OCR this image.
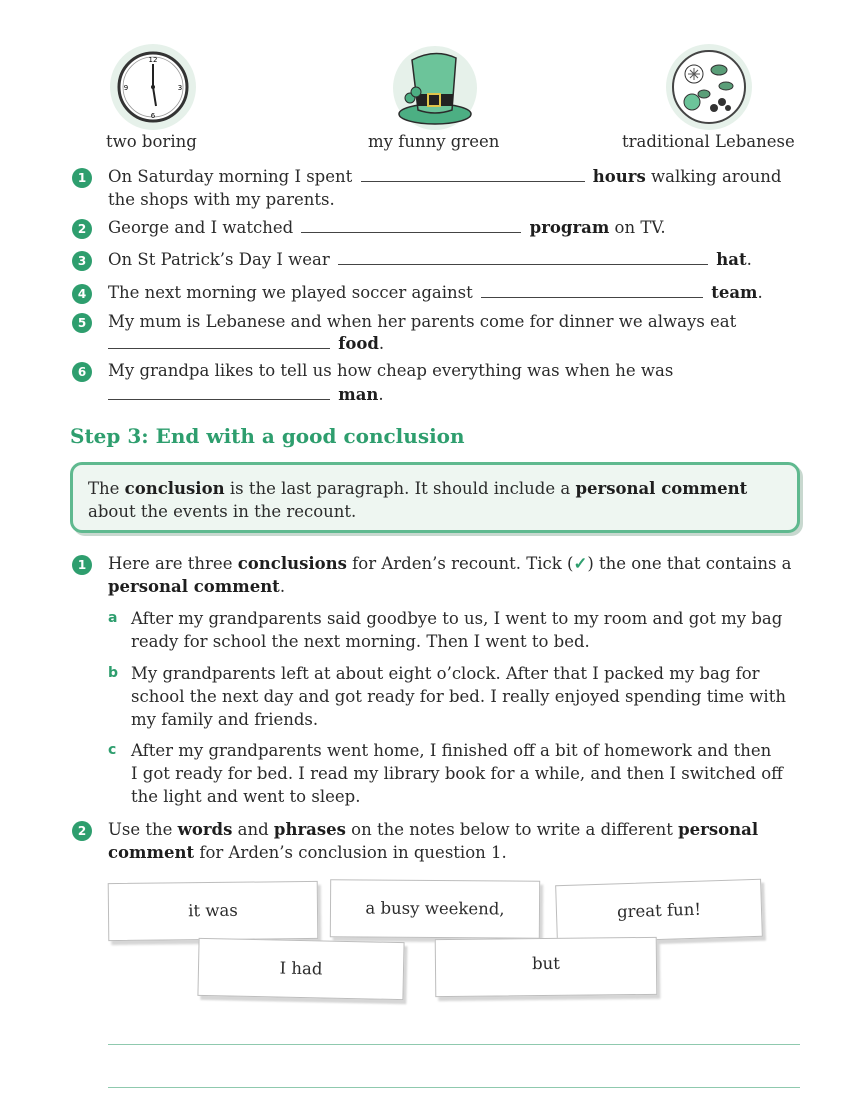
12
3
6
9
two boring	my funny green	traditional Lebanese
1	On Saturday morning I spent	hours walking around
the shops with my parents.
2	George and I watched	program on TV.
3	On St Patrick’s Day I wear	hat.
4	The next morning we played soccer against	team.
5	My mum is Lebanese and when her parents come for dinner we always eat
food.
6	My grandpa likes to tell us how cheap everything was when he was
man.
Step 3: End with a good conclusion
The conclusion is the last paragraph. It should include a personal comment
about the events in the recount.
1	Here are three conclusions for Arden’s recount. Tick (✓) the one that contains a
personal comment.
a After my grandparents said goodbye to us, I went to my room and got my bag
ready for school the next morning. Then I went to bed.
b My grandparents left at about eight o’clock. After that I packed my bag for
school the next day and got ready for bed. I really enjoyed spending time with
my family and friends.
c After my grandparents went home, I finished off a bit of homework and then
I got ready for bed. I read my library book for a while, and then I switched off
the light and went to sleep.
2	Use the words and phrases on the notes below to write a different personal
comment for Arden’s conclusion in question 1.
it was	a busy weekend,	great fun!
I had	but
